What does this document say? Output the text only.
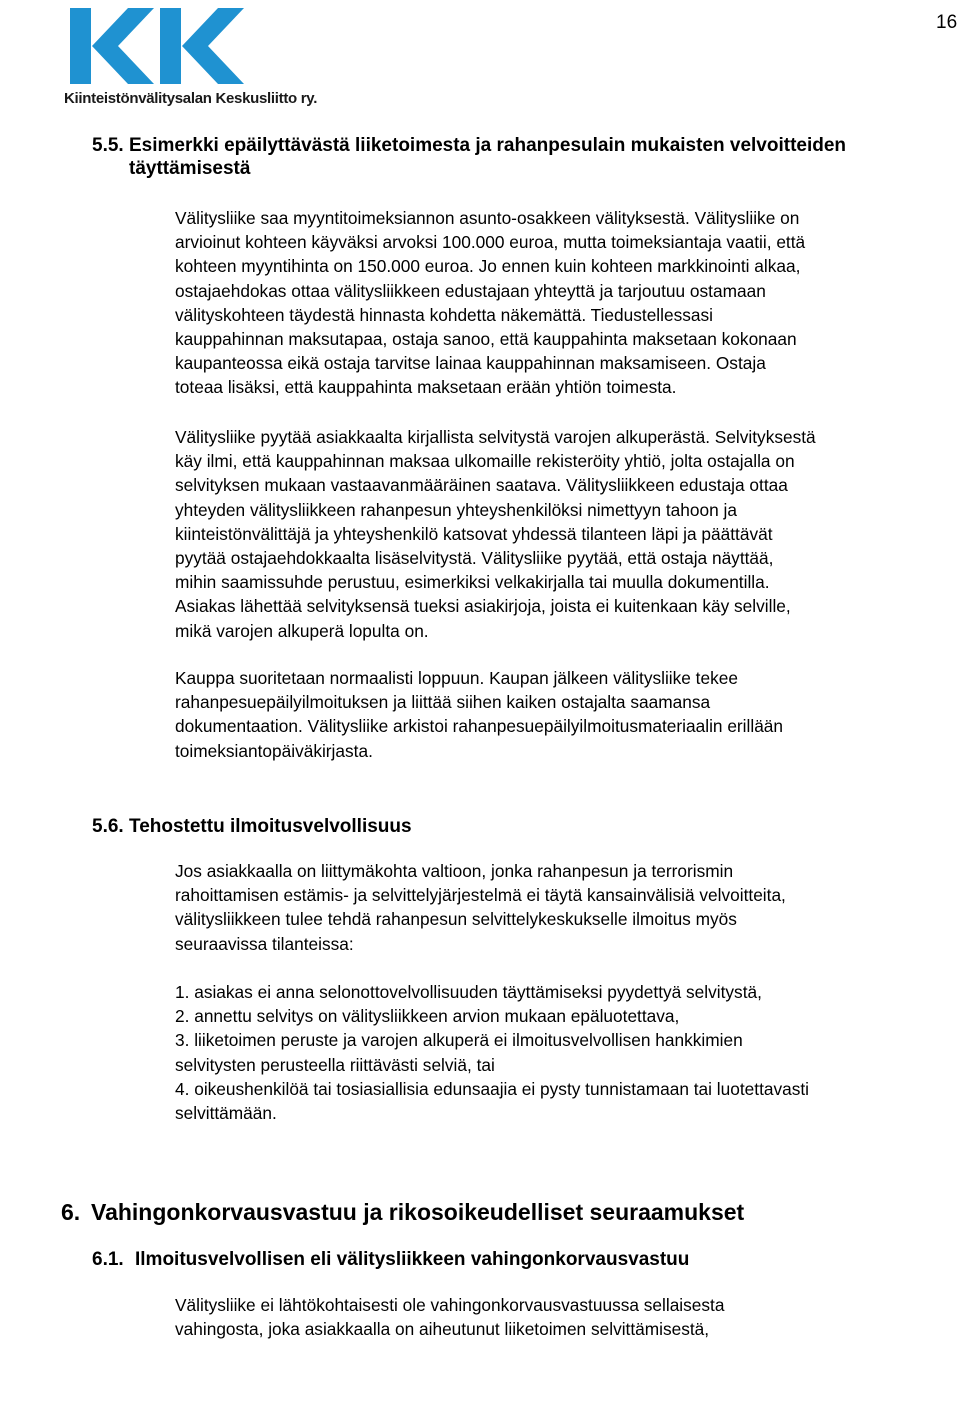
16
Kiinteistönvälitysalan Keskusliitto ry.
5.5. Esimerkki epäilyttävästä liiketoimesta ja rahanpesulain mukaisten velvoitteiden
täyttämisestä
Välitysliike saa myyntitoimeksiannon asunto-osakkeen välityksestä. Välitysliike on
arvioinut kohteen käyväksi arvoksi 100.000 euroa, mutta toimeksiantaja vaatii, että
kohteen myyntihinta on 150.000 euroa. Jo ennen kuin kohteen markkinointi alkaa,
ostajaehdokas ottaa välitysliikkeen edustajaan yhteyttä ja tarjoutuu ostamaan
välityskohteen täydestä hinnasta kohdetta näkemättä. Tiedustellessasi
kauppahinnan maksutapaa, ostaja sanoo, että kauppahinta maksetaan kokonaan
kaupanteossa eikä ostaja tarvitse lainaa kauppahinnan maksamiseen. Ostaja
toteaa lisäksi, että kauppahinta maksetaan erään yhtiön toimesta.
Välitysliike pyytää asiakkaalta kirjallista selvitystä varojen alkuperästä. Selvityksestä
käy ilmi, että kauppahinnan maksaa ulkomaille rekisteröity yhtiö, jolta ostajalla on
selvityksen mukaan vastaavanmääräinen saatava. Välitysliikkeen edustaja ottaa
yhteyden välitysliikkeen rahanpesun yhteyshenkilöksi nimettyyn tahoon ja
kiinteistönvälittäjä ja yhteyshenkilö katsovat yhdessä tilanteen läpi ja päättävät
pyytää ostajaehdokkaalta lisäselvitystä. Välitysliike pyytää, että ostaja näyttää,
mihin saamissuhde perustuu, esimerkiksi velkakirjalla tai muulla dokumentilla.
Asiakas lähettää selvityksensä tueksi asiakirjoja, joista ei kuitenkaan käy selville,
mikä varojen alkuperä lopulta on.
Kauppa suoritetaan normaalisti loppuun. Kaupan jälkeen välitysliike tekee
rahanpesuepäilyilmoituksen ja liittää siihen kaiken ostajalta saamansa
dokumentaation. Välitysliike arkistoi rahanpesuepäilyilmoitusmateriaalin erillään
toimeksiantopäiväkirjasta.
5.6. Tehostettu ilmoitusvelvollisuus
Jos asiakkaalla on liittymäkohta valtioon, jonka rahanpesun ja terrorismin
rahoittamisen estämis- ja selvittelyjärjestelmä ei täytä kansainvälisiä velvoitteita,
välitysliikkeen tulee tehdä rahanpesun selvittelykeskukselle ilmoitus myös
seuraavissa tilanteissa:
1. asiakas ei anna selonottovelvollisuuden täyttämiseksi pyydettyä selvitystä,
2. annettu selvitys on välitysliikkeen arvion mukaan epäluotettava,
3. liiketoimen peruste ja varojen alkuperä ei ilmoitusvelvollisen hankkimien
selvitysten perusteella riittävästi selviä, tai
4. oikeushenkilöä tai tosiasiallisia edunsaajia ei pysty tunnistamaan tai luotettavasti
selvittämään.
6. Vahingonkorvausvastuu ja rikosoikeudelliset seuraamukset
6.1. Ilmoitusvelvollisen eli välitysliikkeen vahingonkorvausvastuu
Välitysliike ei lähtökohtaisesti ole vahingonkorvausvastuussa sellaisesta
vahingosta, joka asiakkaalla on aiheutunut liiketoimen selvittämisestä,
